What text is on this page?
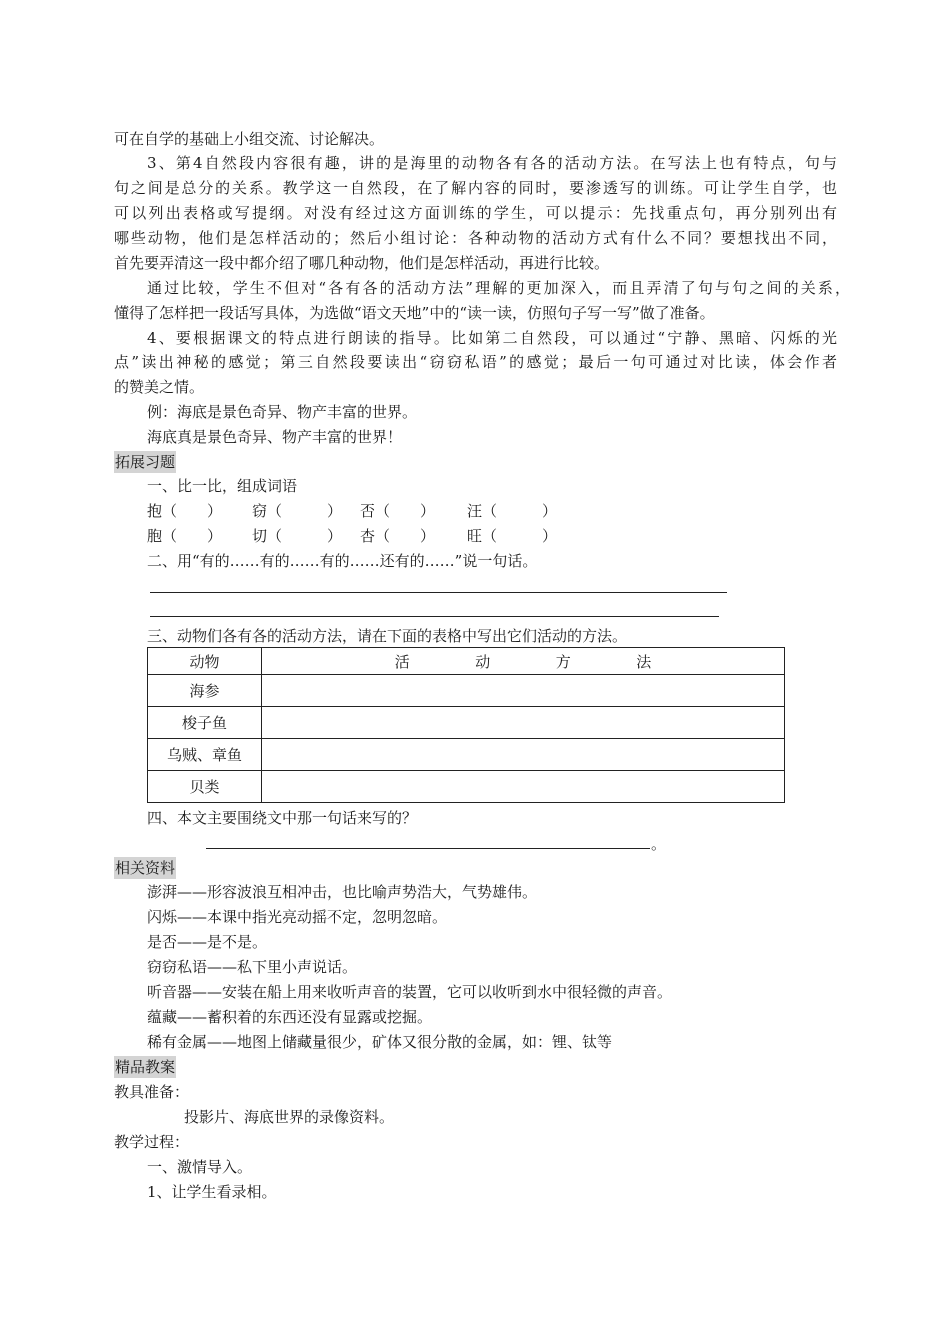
可在自学的基础上小组交流、讨论解决。
3、第4自然段内容很有趣，讲的是海里的动物各有各的活动方法。在写法上也有特点，句与
句之间是总分的关系。教学这一自然段，在了解内容的同时，要渗透写的训练。可让学生自学，也
可以列出表格或写提纲。对没有经过这方面训练的学生，可以提示：先找重点句，再分别列出有
哪些动物，他们是怎样活动的；然后小组讨论：各种动物的活动方式有什么不同？要想找出不同，
首先要弄清这一段中都介绍了哪几种动物，他们是怎样活动，再进行比较。
通过比较，学生不但对“各有各的活动方法”理解的更加深入，而且弄清了句与句之间的关系，
懂得了怎样把一段话写具体，为选做“语文天地”中的“读一读，仿照句子写一写”做了准备。
4、要根据课文的特点进行朗读的指导。比如第二自然段，可以通过“宁静、黑暗、闪烁的光
点”读出神秘的感觉；第三自然段要读出“窃窃私语”的感觉；最后一句可通过对比读，体会作者
的赞美之情。
例：海底是景色奇异、物产丰富的世界。
海底真是景色奇异、物产丰富的世界！
拓展习题
一、比一比，组成词语
抱（　　） 窃（　　　） 否（　　） 汪（　　　）
胞（　　） 切（　　　） 杏（　　） 旺（　　　）
二、用“有的……有的……有的……还有的……”说一句话。
三、动物们各有各的活动方法，请在下面的表格中写出它们活动的方法。
动物	活 动 方 法

海参	
梭子鱼	
乌贼、章鱼	
贝类	
四、本文主要围绕文中那一句话来写的？
。
相关资料
澎湃——形容波浪互相冲击，也比喻声势浩大，气势雄伟。
闪烁——本课中指光亮动摇不定，忽明忽暗。
是否——是不是。
窃窃私语——私下里小声说话。
听音器——安装在船上用来收听声音的装置，它可以收听到水中很轻微的声音。
蕴藏——蓄积着的东西还没有显露或挖掘。
稀有金属——地图上储藏量很少，矿体又很分散的金属，如：锂、钛等
精品教案
教具准备：
投影片、海底世界的录像资料。
教学过程：
一、激情导入。
1、让学生看录相。
